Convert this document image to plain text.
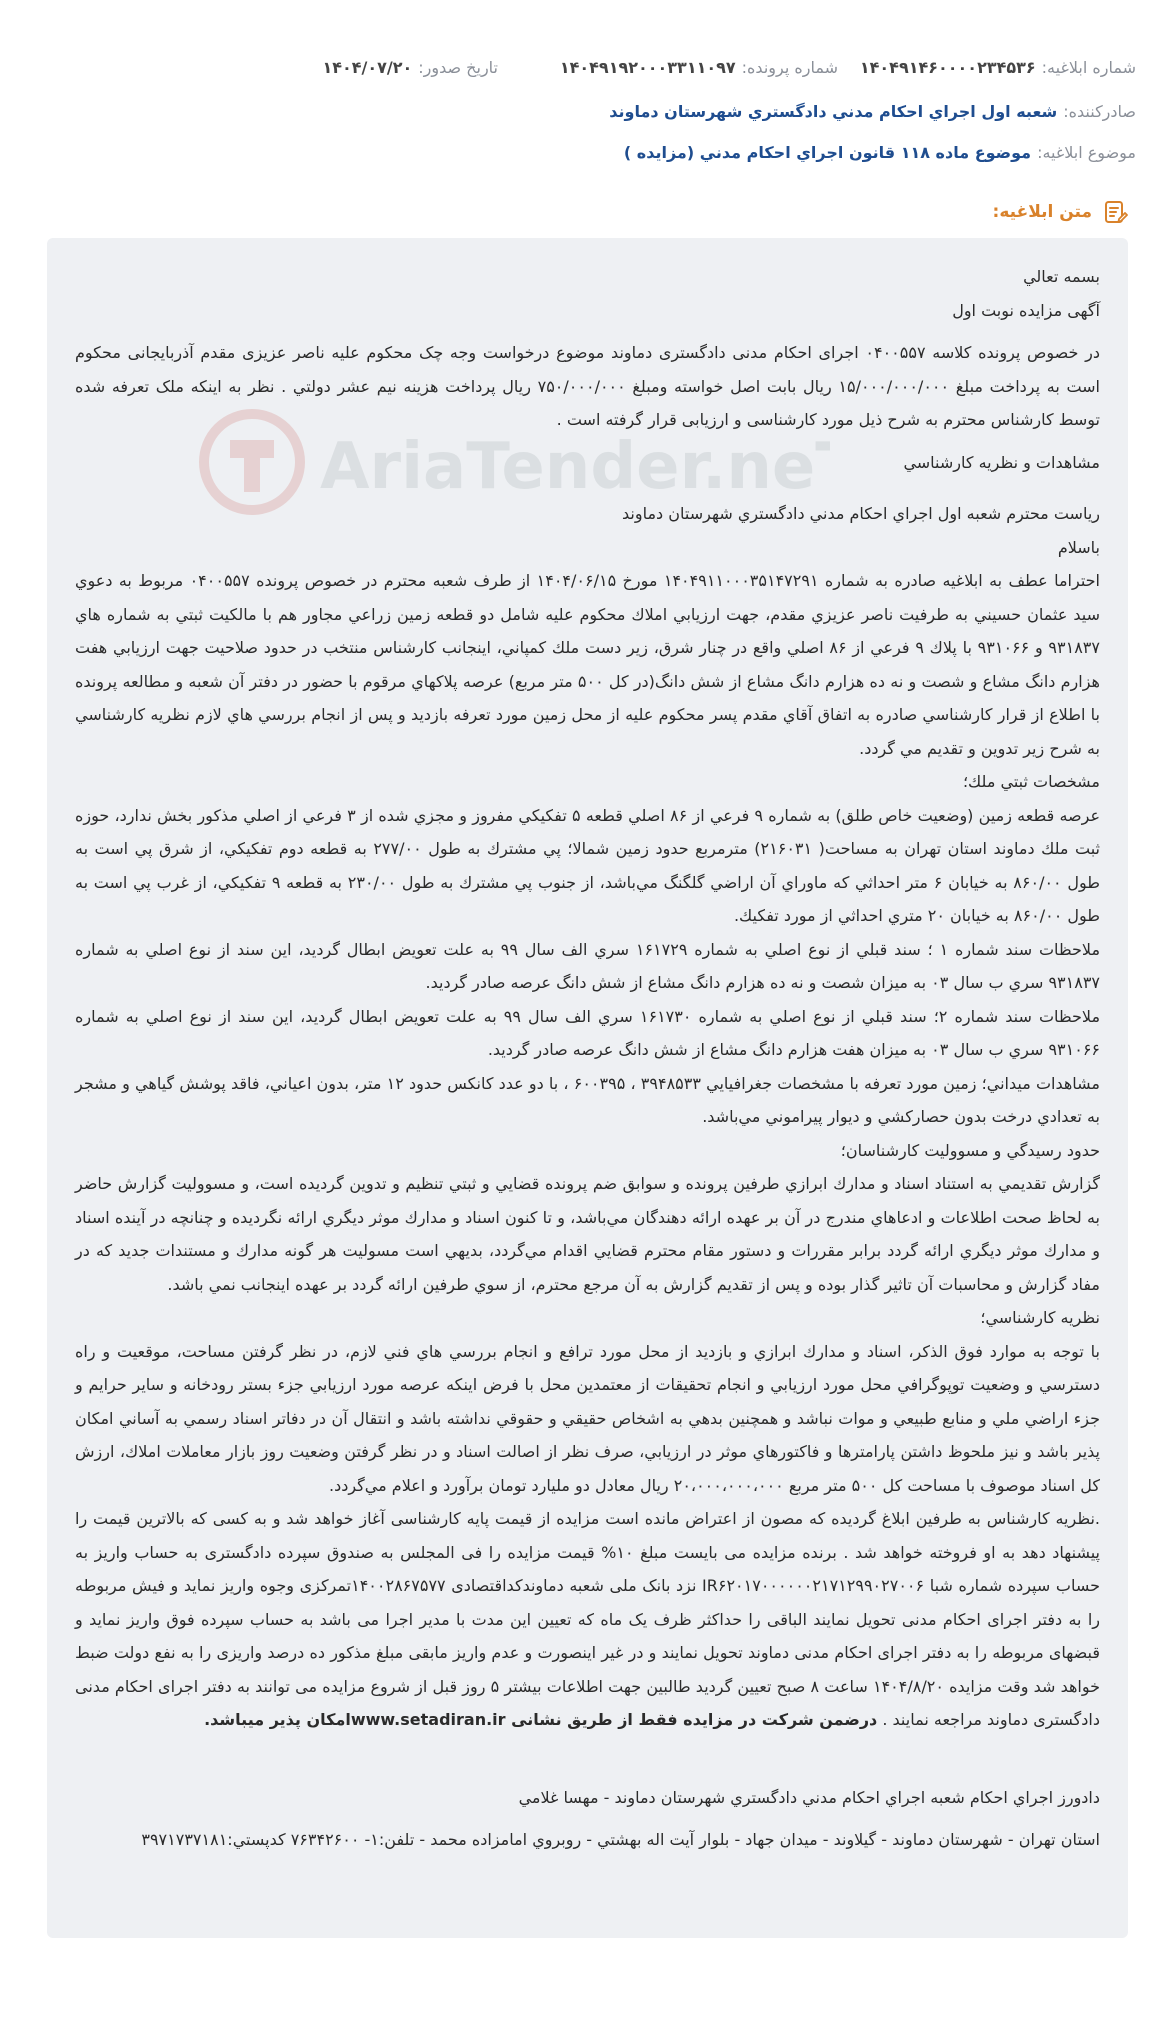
شماره ابلاغيه:
۱۴۰۴۹۱۴۶۰۰۰۰۲۳۴۵۳۶
شماره پرونده:
۱۴۰۴۹۱۹۲۰۰۰۳۳۱۱۰۹۷
تاريخ صدور:
۱۴۰۴/۰۷/۲۰
صادركننده:
شعبه اول اجراي احكام مدني دادگستري شهرستان دماوند
موضوع ابلاغيه:
موضوع ماده ۱۱۸ قانون اجراي احكام مدني (مزايده )
متن ابلاغيه:

بسمه تعالي

آگهی مزایده نوبت اول

در خصوص پرونده کلاسه ۰۴۰۰۵۵۷ اجرای احکام مدنی دادگستری دماوند موضوع درخواست وجه چک محکوم علیه ناصر عزیزی مقدم آذربایجانی محکوم است به پرداخت مبلغ ۱۵/۰۰۰/۰۰۰/۰۰۰ ریال بابت اصل خواسته ومبلغ ۷۵۰/۰۰۰/۰۰۰ ریال پرداخت هزینه نیم عشر دولتي . نظر به اینکه ملک تعرفه شده توسط کارشناس محترم به شرح ذیل مورد کارشناسی و ارزیابی قرار گرفته است .

مشاهدات و نظريه كارشناسي

رياست محترم شعبه اول اجراي احكام مدني دادگستري شهرستان دماوند

باسلام

احتراما عطف به ابلاغيه صادره به شماره ۱۴۰۴۹۱۱۰۰۰۳۵۱۴۷۲۹۱ مورخ ۱۴۰۴/۰۶/۱۵ از طرف شعبه محترم در خصوص پرونده ۰۴۰۰۵۵۷ مربوط به دعوي سيد عثمان حسيني به طرفيت ناصر عزيزي مقدم، جهت ارزيابي املاك محكوم عليه شامل دو قطعه زمين زراعي مجاور هم با مالكيت ثبتي به شماره هاي ۹۳۱۸۳۷ و ۹۳۱۰۶۶ با پلاك ۹ فرعي از ۸۶ اصلي واقع در چنار شرق، زير دست ملك كمپاني، اينجانب كارشناس منتخب در حدود صلاحيت جهت ارزيابي هفت هزارم دانگ مشاع و شصت و نه ده هزارم دانگ مشاع از شش دانگ(در كل ۵۰۰ متر مربع) عرصه پلاكهاي مرقوم با حضور در دفتر آن شعبه و مطالعه پرونده با اطلاع از قرار كارشناسي صادره به اتفاق آقاي مقدم پسر محكوم عليه از محل زمين مورد تعرفه بازديد و پس از انجام بررسي هاي لازم نظريه كارشناسي به شرح زير تدوين و تقديم مي گردد.

مشخصات ثبتي ملك؛

عرصه قطعه زمين (وضعيت خاص طلق) به شماره ۹ فرعي از ۸۶ اصلي قطعه ۵ تفكيكي مفروز و مجزي شده از ۳ فرعي از اصلي مذكور بخش ندارد، حوزه ثبت ملك دماوند استان تهران به مساحت( ۲۱۶۰۳۱) مترمربع حدود زمين شمالا؛ پي مشترك به طول ۲۷۷/۰۰ به قطعه دوم تفكيكي، از شرق پي است به طول ۸۶۰/۰۰ به خيابان ۶ متر احداثي كه ماوراي آن اراضي گلگنگ مي‌باشد، از جنوب پي مشترك به طول ۲۳۰/۰۰ به قطعه ۹ تفكيكي، از غرب پي است به طول ۸۶۰/۰۰ به خيابان ۲۰ متري احداثي از مورد تفكيك.

ملاحظات سند شماره ۱ ؛ سند قبلي از نوع اصلي به شماره ۱۶۱۷۲۹ سري الف سال ۹۹ به علت تعويض ابطال گرديد، اين سند از نوع اصلي به شماره ۹۳۱۸۳۷ سري ب سال ۰۳ به ميزان شصت و نه ده هزارم دانگ مشاع از شش دانگ عرصه صادر گرديد.

ملاحظات سند شماره ۲؛ سند قبلي از نوع اصلي به شماره ۱۶۱۷۳۰ سري الف سال ۹۹ به علت تعويض ابطال گرديد، اين سند از نوع اصلي به شماره ۹۳۱۰۶۶ سري ب سال ۰۳ به ميزان هفت هزارم دانگ مشاع از شش دانگ عرصه صادر گرديد.

مشاهدات ميداني؛ زمين مورد تعرفه با مشخصات جغرافيايي ۳۹۴۸۵۳۳ ، ۶۰۰۳۹۵ ، با دو عدد كانكس حدود ۱۲ متر، بدون اعياني، فاقد پوشش گياهي و مشجر به تعدادي درخت بدون حصاركشي و ديوار پيراموني مي‌باشد.

حدود رسيدگي و مسووليت كارشناسان؛

گزارش تقديمي به استناد اسناد و مدارك ابرازي طرفين پرونده و سوابق ضم پرونده قضايي و ثبتي تنظيم و تدوين گرديده است، و مسووليت گزارش حاضر به لحاظ صحت اطلاعات و ادعاهاي مندرج در آن بر عهده ارائه دهندگان مي‌باشد، و تا كنون اسناد و مدارك موثر ديگري ارائه نگرديده و چنانچه در آينده اسناد و مدارك موثر ديگري ارائه گردد برابر مقررات و دستور مقام محترم قضايي اقدام مي‌گردد، بديهي است مسوليت هر گونه مدارك و مستندات جديد كه در مفاد گزارش و محاسبات آن تاثير گذار بوده و پس از تقديم گزارش به آن مرجع محترم، از سوي طرفين ارائه گردد بر عهده اينجانب نمي باشد.

نظريه كارشناسي؛

با توجه به موارد فوق الذكر، اسناد و مدارك ابرازي و بازديد از محل مورد ترافع و انجام بررسي هاي فني لازم، در نظر گرفتن مساحت، موقعيت و راه دسترسي و وضعيت توپوگرافي محل مورد ارزيابي و انجام تحقيقات از معتمدين محل با فرض اينكه عرصه مورد ارزيابي جزء بستر رودخانه و ساير حرايم و جزء اراضي ملي و منابع طبيعي و موات نباشد و همچنين بدهي به اشخاص حقيقي و حقوقي نداشته باشد و انتقال آن در دفاتر اسناد رسمي به آساني امكان پذير باشد و نيز ملحوظ داشتن پارامترها و فاكتورهاي موثر در ارزيابي، صرف نظر از اصالت اسناد و در نظر گرفتن وضعيت روز بازار معاملات املاك، ارزش كل اسناد موصوف با مساحت كل ۵۰۰ متر مربع ۲۰،۰۰۰،۰۰۰،۰۰۰ ريال معادل دو مليارد تومان برآورد و اعلام مي‌گردد.

.نظریه کارشناس به طرفین ابلاغ گردیده که مصون از اعتراض مانده است مزایده از قیمت پایه کارشناسی آغاز خواهد شد و به کسی که بالاترین قیمت را پیشنهاد دهد به او فروخته خواهد شد . برنده مزایده می بایست مبلغ ۱۰% قیمت مزایده را فی المجلس به صندوق سپرده دادگستری به حساب واریز به حساب سپرده شماره شبا IR۶۲۰۱۷۰۰۰۰۰۰۲۱۷۱۲۹۹۰۲۷۰۰۶ نزد بانک ملی شعبه دماوندکداقتصادی ۱۴۰۰۲۸۶۷۵۷۷تمرکزی وجوه واریز نماید و فیش مربوطه را به دفتر اجرای احکام مدنی تحویل نمایند الباقی را حداکثر ظرف یک ماه که تعیین این مدت با مدیر اجرا می باشد به حساب سپرده فوق واریز نماید و قبضهای مربوطه را به دفتر اجرای احکام مدنی دماوند تحویل نمایند و در غیر اینصورت و عدم واریز مابقی مبلغ مذکور ده درصد واریزی را به نفع دولت ضبط خواهد شد وقت مزایده ۱۴۰۴/۸/۲۰ ساعت ۸ صبح تعیین گردید طالبین جهت اطلاعات بیشتر ۵ روز قبل از شروع مزایده می توانند به دفتر اجرای احکام مدنی دادگستری دماوند مراجعه نمایند . درضمن شرکت در مزایده فقط از طریق نشانی www.setadiran.irامکان پذیر میباشد.

دادورز اجراي احكام شعبه اجراي احكام مدني دادگستري شهرستان دماوند - مهسا غلامي

استان تهران - شهرستان دماوند - گيلاوند - ميدان جهاد - بلوار آيت اله بهشتي - روبروي امامزاده محمد - تلفن:۱- ۷۶۳۴۲۶۰۰ كدپستي:۳۹۷۱۷۳۷۱۸۱
